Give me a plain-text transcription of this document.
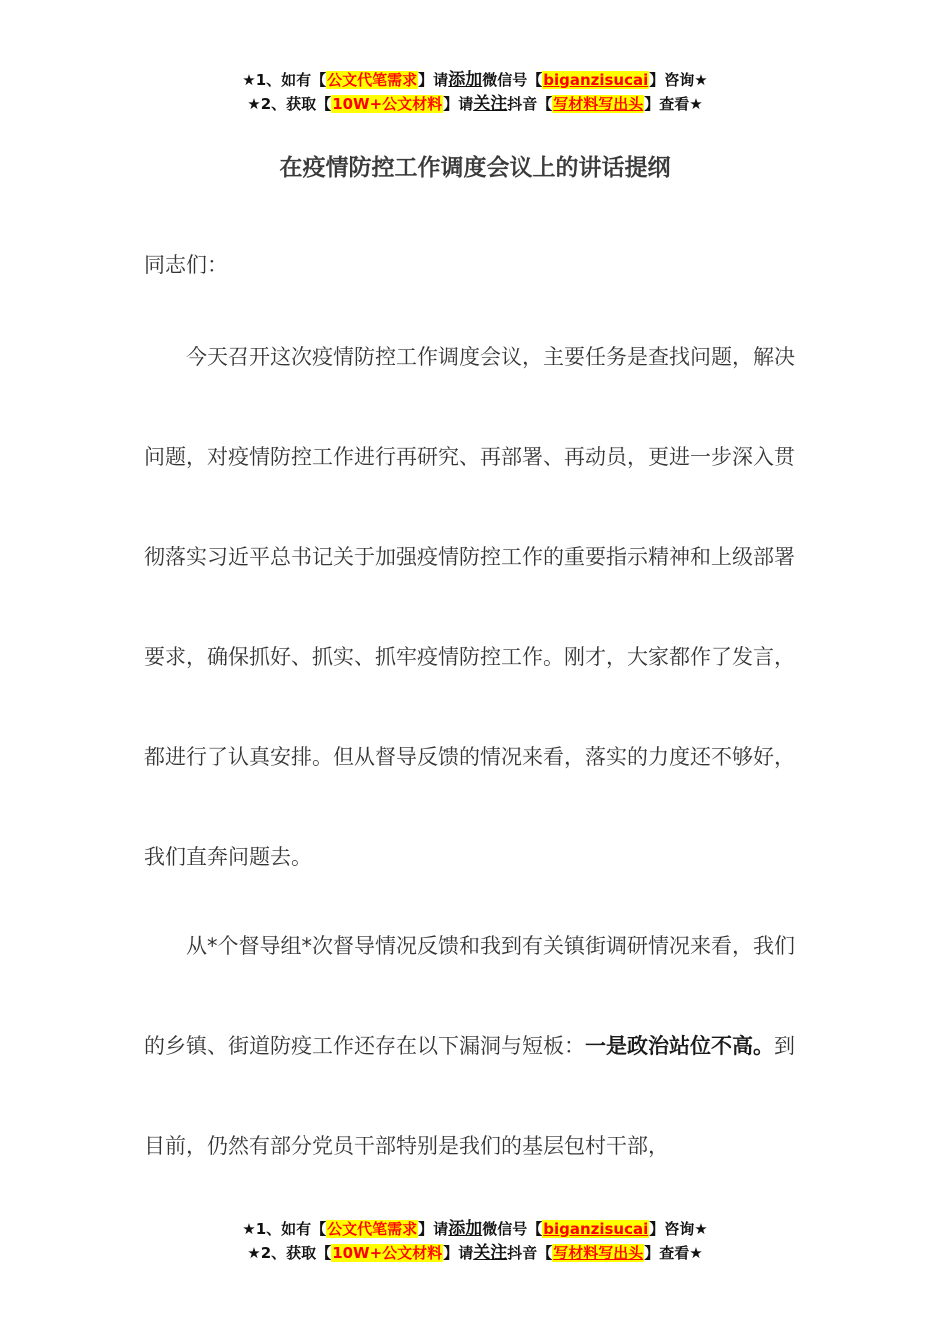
★1、如有【公文代笔需求】请添加微信号【biganzisucai】咨询★
★2、获取【10W+公文材料】请关注抖音【写材料写出头】查看★
在疫情防控工作调度会议上的讲话提纲

同志们：

今天召开这次疫情防控工作调度会议，主要任务是查找问题，解决问题，对疫情防控工作进行再研究、再部署、再动员，更进一步深入贯彻落实习近平总书记关于加强疫情防控工作的重要指示精神和上级部署要求，确保抓好、抓实、抓牢疫情防控工作。刚才，大家都作了发言，都进行了认真安排。但从督导反馈的情况来看，落实的力度还不够好，我们直奔问题去。

从*个督导组*次督导情况反馈和我到有关镇街调研情况来看，我们的乡镇、街道防疫工作还存在以下漏洞与短板：一是政治站位不高。到目前，仍然有部分党员干部特别是我们的基层包村干部，

★1、如有【公文代笔需求】请添加微信号【biganzisucai】咨询★
★2、获取【10W+公文材料】请关注抖音【写材料写出头】查看★
